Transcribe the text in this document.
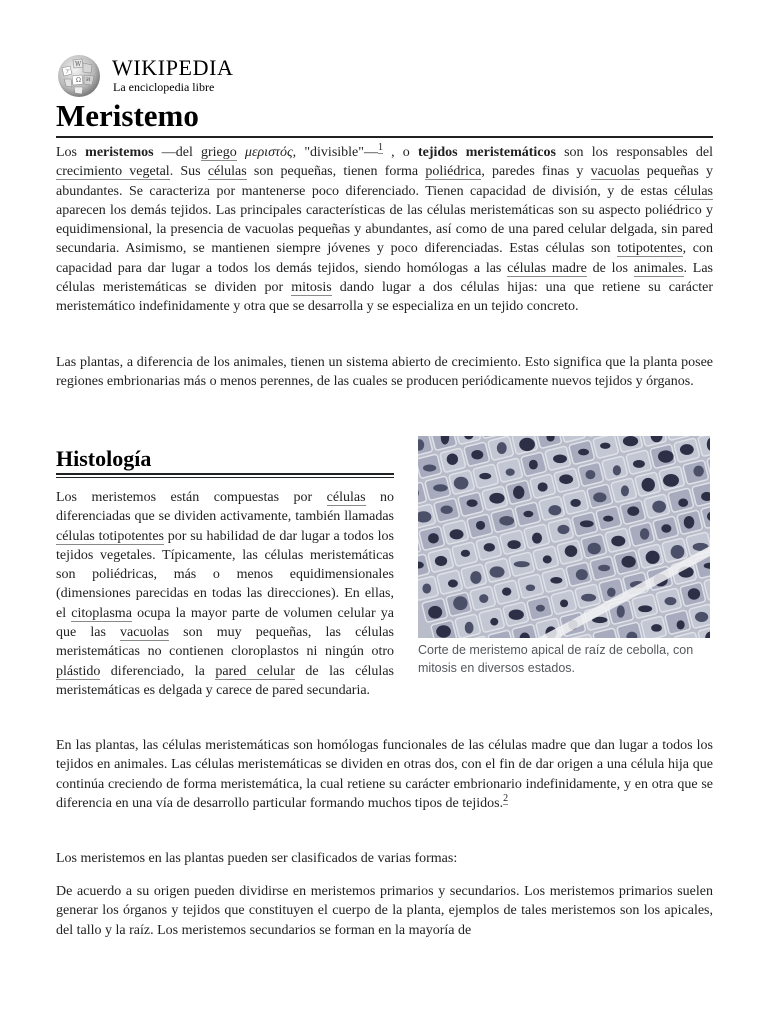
W
Ω И
ア WIKIPEDIA
La enciclopedia libre
Meristemo

Los meristemos —del griego μεριστός, "divisible"—$^1$ , o tejidos meristemáticos son los responsables del crecimiento vegetal. Sus células son pequeñas, tienen forma poliédrica, paredes finas y vacuolas pequeñas y abundantes. Se caracteriza por mantenerse poco diferenciado. Tienen capacidad de división, y de estas células aparecen los demás tejidos. Las principales características de las células meristemáticas son su aspecto poliédrico y equidimensional, la presencia de vacuolas pequeñas y abundantes, así como de una pared celular delgada, sin pared secundaria. Asimismo, se mantienen siempre jóvenes y poco diferenciadas. Estas células son totipotentes, con capacidad para dar lugar a todos los demás tejidos, siendo homólogas a las células madre de los animales. Las células meristemáticas se dividen por mitosis dando lugar a dos células hijas: una que retiene su carácter meristemático indefinidamente y otra que se desarrolla y se especializa en un tejido concreto.

Las plantas, a diferencia de los animales, tienen un sistema abierto de crecimiento. Esto significa que la planta posee regiones embrionarias más o menos perennes, de las cuales se producen periódicamente nuevos tejidos y órganos.

Histología

Los meristemos están compuestas por células no diferenciadas que se dividen activamente, también llamadas células totipotentes por su habilidad de dar lugar a todos los tejidos vegetales. Típicamente, las células meristemáticas son poliédricas, más o menos equidimensionales (dimensiones parecidas en todas las direcciones). En ellas, el citoplasma ocupa la mayor parte de volumen celular ya que las vacuolas son muy pequeñas, las células meristemáticas no contienen cloroplastos ni ningún otro plástido diferenciado, la pared celular de las células meristemáticas es delgada y carece de pared secundaria.

Corte de meristemo apical de raíz de cebolla, con mitosis en diversos estados.

En las plantas, las células meristemáticas son homólogas funcionales de las células madre que dan lugar a todos los tejidos en animales. Las células meristemáticas se dividen en otras dos, con el fin de dar origen a una célula hija que continúa creciendo de forma meristemática, la cual retiene su carácter embrionario indefinidamente, y en otra que se diferencia en una vía de desarrollo particular formando muchos tipos de tejidos.$^2$

Los meristemos en las plantas pueden ser clasificados de varias formas:

De acuerdo a su origen pueden dividirse en meristemos primarios y secundarios. Los meristemos primarios suelen generar los órganos y tejidos que constituyen el cuerpo de la planta, ejemplos de tales meristemos son los apicales, del tallo y la raíz. Los meristemos secundarios se forman en la mayoría de
